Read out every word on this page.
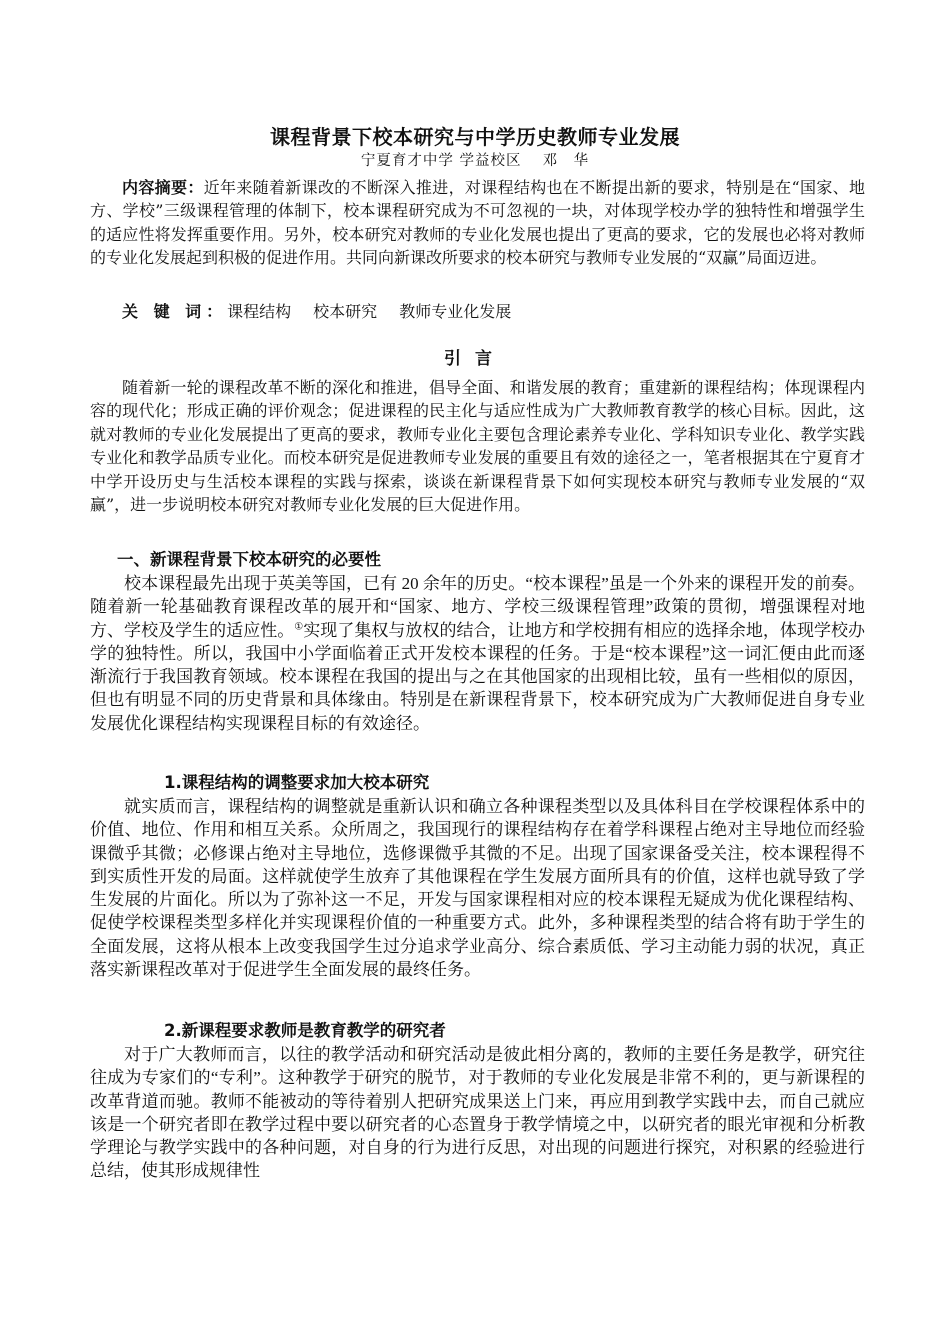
课程背景下校本研究与中学历史教师专业发展
宁夏育才中学 学益校区　 邓　华
内容摘要：近年来随着新课改的不断深入推进，对课程结构也在不断提出新的要求，特别是在“国家、地方、学校”三级课程管理的体制下，校本课程研究成为不可忽视的一块，对体现学校办学的独特性和增强学生的适应性将发挥重要作用。另外，校本研究对教师的专业化发展也提出了更高的要求，它的发展也必将对教师的专业化发展起到积极的促进作用。共同向新课改所要求的校本研究与教师专业发展的“双赢”局面迈进。
关 键 词：课程结构 校本研究 教师专业化发展
引言
随着新一轮的课程改革不断的深化和推进，倡导全面、和谐发展的教育；重建新的课程结构；体现课程内容的现代化；形成正确的评价观念；促进课程的民主化与适应性成为广大教师教育教学的核心目标。因此，这就对教师的专业化发展提出了更高的要求，教师专业化主要包含理论素养专业化、学科知识专业化、教学实践专业化和教学品质专业化。而校本研究是促进教师专业发展的重要且有效的途径之一，笔者根据其在宁夏育才中学开设历史与生活校本课程的实践与探索，谈谈在新课程背景下如何实现校本研究与教师专业发展的“双赢”，进一步说明校本研究对教师专业化发展的巨大促进作用。
一、新课程背景下校本研究的必要性
校本课程最先出现于英美等国，已有 20 余年的历史。“校本课程”虽是一个外来的课程开发的前奏。随着新一轮基础教育课程改革的展开和“国家、地方、学校三级课程管理”政策的贯彻，增强课程对地方、学校及学生的适应性。①实现了集权与放权的结合，让地方和学校拥有相应的选择余地，体现学校办学的独特性。所以，我国中小学面临着正式开发校本课程的任务。于是“校本课程”这一词汇便由此而逐渐流行于我国教育领域。校本课程在我国的提出与之在其他国家的出现相比较，虽有一些相似的原因，但也有明显不同的历史背景和具体缘由。特别是在新课程背景下，校本研究成为广大教师促进自身专业发展优化课程结构实现课程目标的有效途径。
1.课程结构的调整要求加大校本研究
就实质而言，课程结构的调整就是重新认识和确立各种课程类型以及具体科目在学校课程体系中的价值、地位、作用和相互关系。众所周之，我国现行的课程结构存在着学科课程占绝对主导地位而经验课微乎其微；必修课占绝对主导地位，选修课微乎其微的不足。出现了国家课备受关注，校本课程得不到实质性开发的局面。这样就使学生放弃了其他课程在学生发展方面所具有的价值，这样也就导致了学生发展的片面化。所以为了弥补这一不足，开发与国家课程相对应的校本课程无疑成为优化课程结构、促使学校课程类型多样化并实现课程价值的一种重要方式。此外，多种课程类型的结合将有助于学生的全面发展，这将从根本上改变我国学生过分追求学业高分、综合素质低、学习主动能力弱的状况，真正落实新课程改革对于促进学生全面发展的最终任务。
2.新课程要求教师是教育教学的研究者
对于广大教师而言，以往的教学活动和研究活动是彼此相分离的，教师的主要任务是教学，研究往往成为专家们的“专利”。这种教学于研究的脱节，对于教师的专业化发展是非常不利的，更与新课程的改革背道而驰。教师不能被动的等待着别人把研究成果送上门来，再应用到教学实践中去，而自己就应该是一个研究者即在教学过程中要以研究者的心态置身于教学情境之中，以研究者的眼光审视和分析教学理论与教学实践中的各种问题，对自身的行为进行反思，对出现的问题进行探究，对积累的经验进行总结，使其形成规律性
